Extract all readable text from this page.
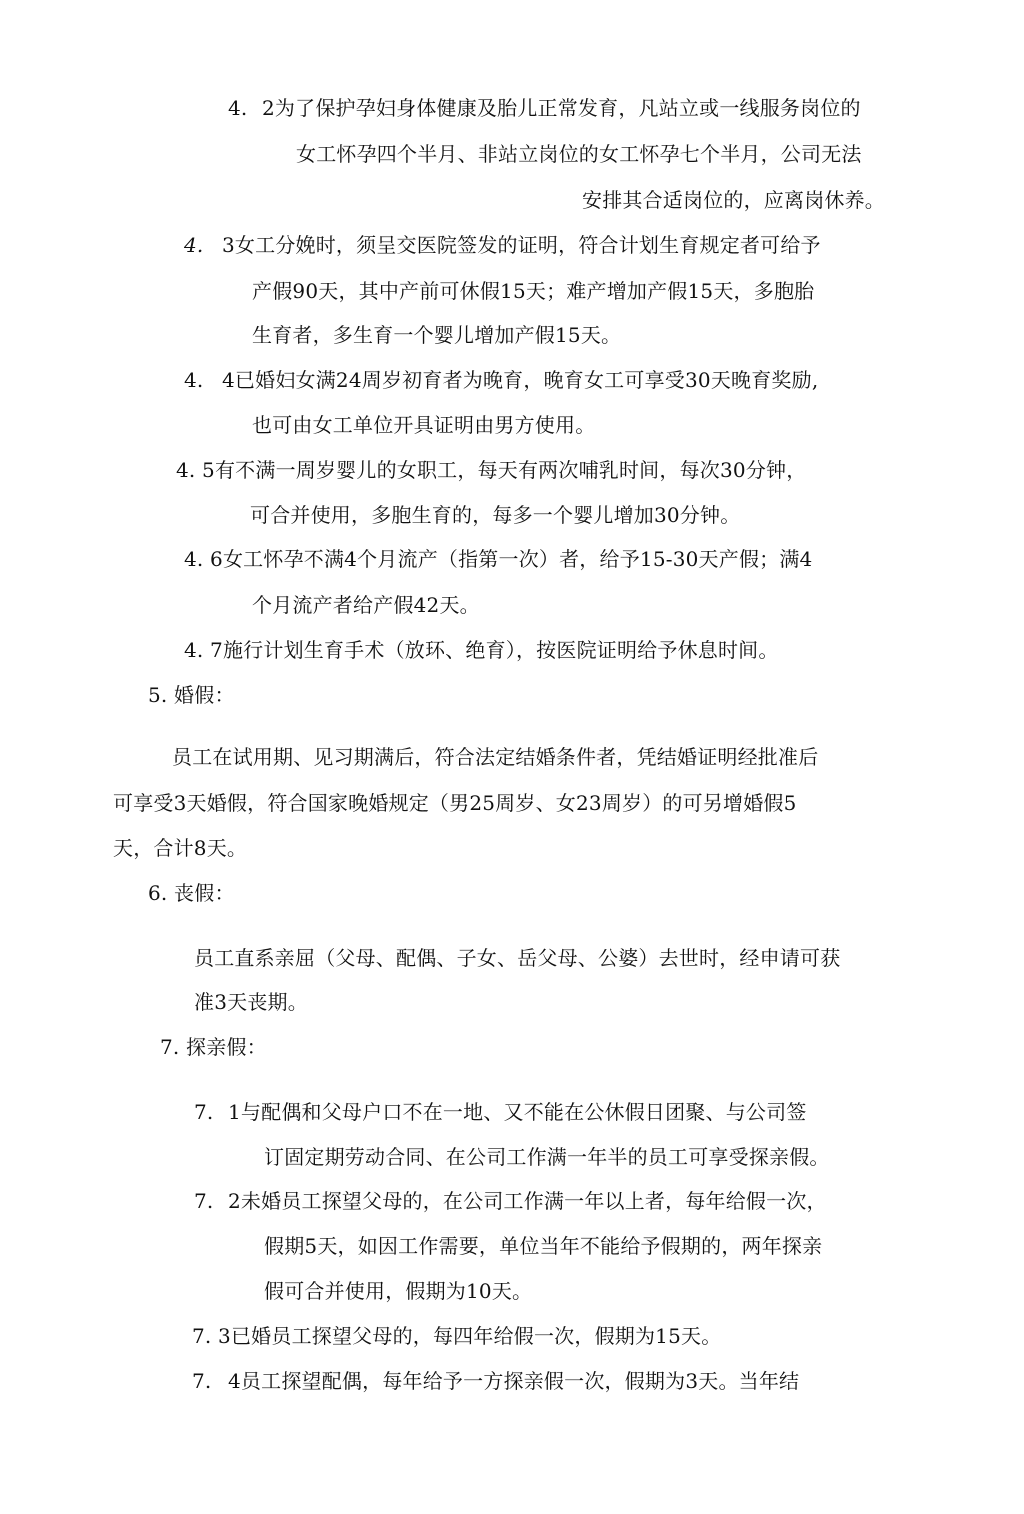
4. 2为了保护孕妇身体健康及胎儿正常发育，凡站立或一线服务岗位的
女工怀孕四个半月、非站立岗位的女工怀孕七个半月，公司无法
安排其合适岗位的，应离岗休养。
4. 3女工分娩时，须呈交医院签发的证明，符合计划生育规定者可给予
产假90天，其中产前可休假15天；难产增加产假15天，多胞胎
生育者，多生育一个婴儿增加产假15天。
4. 4已婚妇女满24周岁初育者为晚育，晚育女工可享受30天晚育奖励,
也可由女工单位开具证明由男方使用。
4. 5有不满一周岁婴儿的女职工，每天有两次哺乳时间，每次30分钟，
可合并使用，多胞生育的，每多一个婴儿增加30分钟。
4. 6女工怀孕不满4个月流产（指第一次）者，给予15-30天产假；满4
个月流产者给产假42天。
4. 7施行计划生育手术（放环、绝育），按医院证明给予休息时间。
5. 婚假：
员工在试用期、见习期满后，符合法定结婚条件者，凭结婚证明经批准后
可享受3天婚假，符合国家晚婚规定（男25周岁、女23周岁）的可另增婚假5
天，合计8天。
6. 丧假：
员工直系亲屈（父母、配偶、子女、岳父母、公婆）去世时，经申请可获
准3天丧期。
7. 探亲假：
7. 1与配偶和父母户口不在一地、又不能在公休假日团聚、与公司签
订固定期劳动合同、在公司工作满一年半的员工可享受探亲假。
7. 2未婚员工探望父母的，在公司工作满一年以上者，每年给假一次，
假期5天，如因工作需要，单位当年不能给予假期的，两年探亲
假可合并使用，假期为10天。
7. 3已婚员工探望父母的，每四年给假一次，假期为15天。
7. 4员工探望配偶，每年给予一方探亲假一次，假期为3天。当年结
